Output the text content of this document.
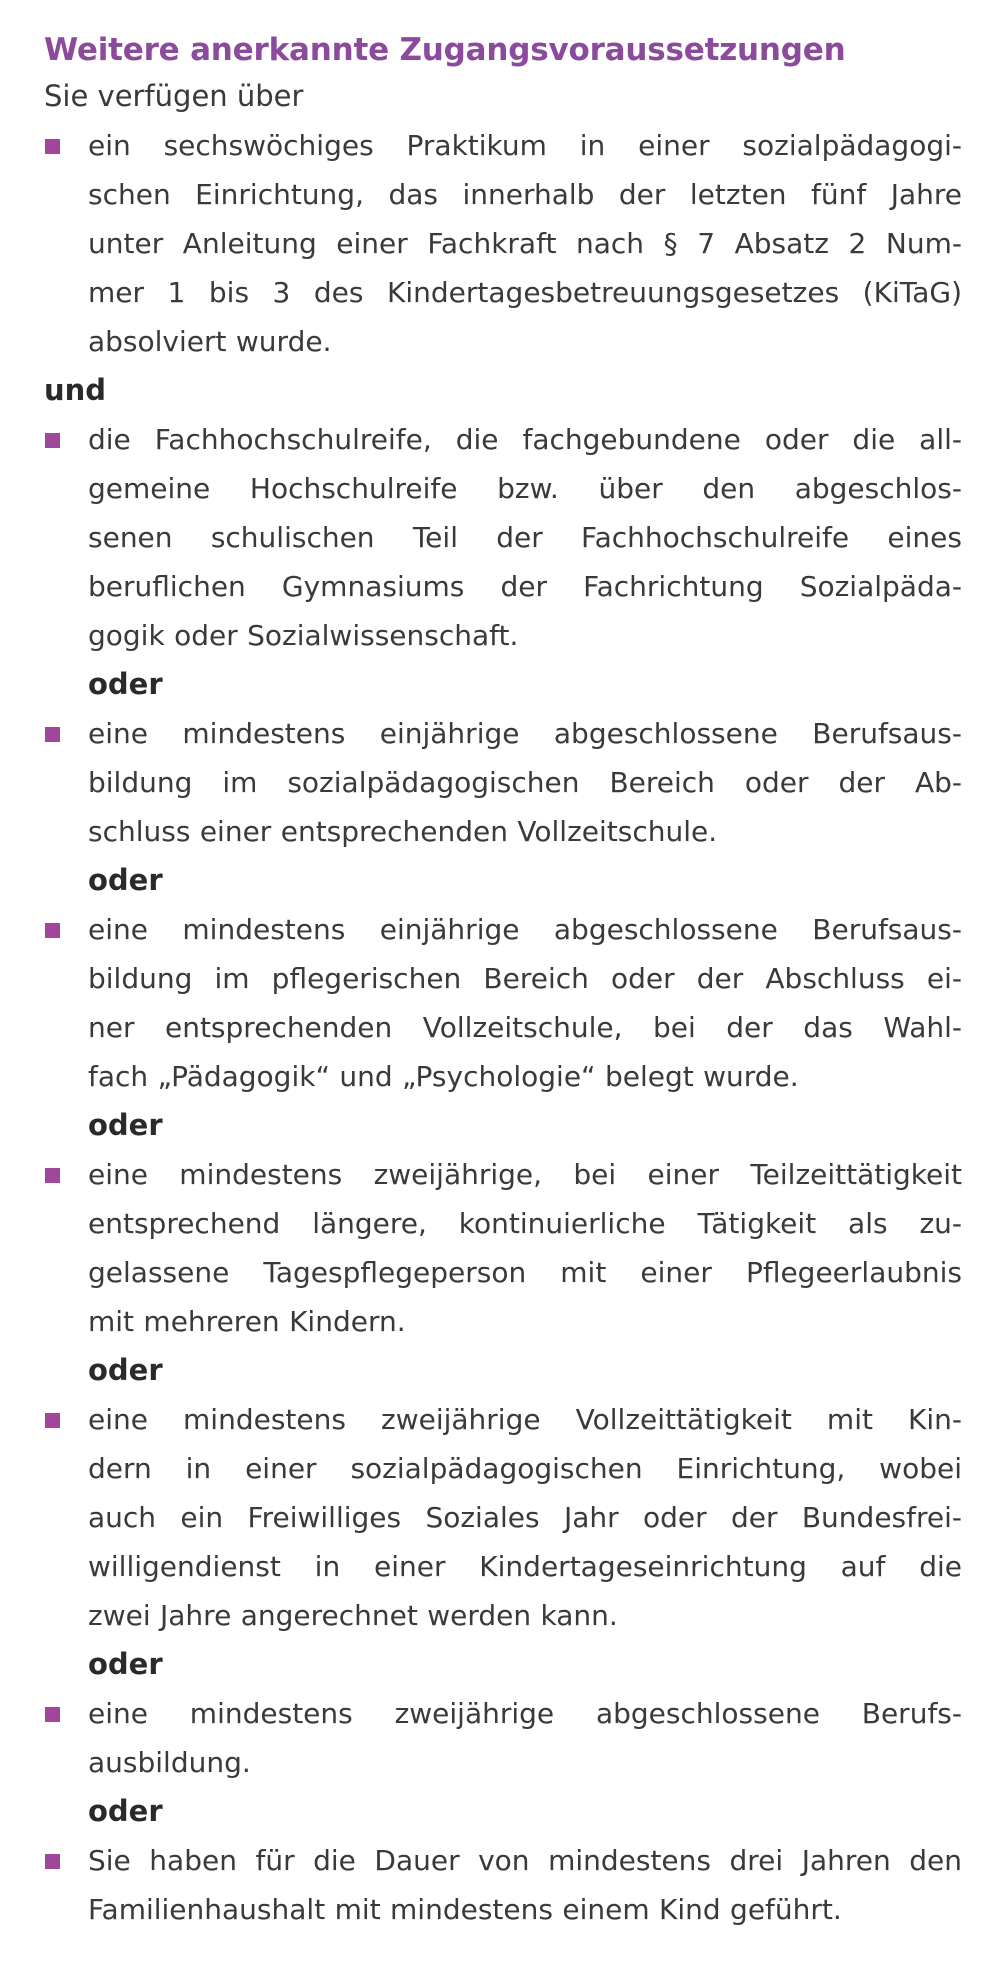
Weitere anerkannte Zugangsvoraussetzungen
Sie verfügen über
ein sechswöchiges Praktikum in einer sozialpädagogi-
schen Einrichtung, das innerhalb der letzten fünf Jahre
unter Anleitung einer Fachkraft nach § 7 Absatz 2 Num-
mer 1 bis 3 des Kindertagesbetreuungsgesetzes (KiTaG)
absolviert wurde.
und
die Fachhochschulreife, die fachgebundene oder die all-
gemeine Hochschulreife bzw. über den abgeschlos-
senen schulischen Teil der Fachhochschulreife eines
beruflichen Gymnasiums der Fachrichtung Sozialpäda-
gogik oder Sozialwissenschaft.
oder
eine mindestens einjährige abgeschlossene Berufsaus-
bildung im sozialpädagogischen Bereich oder der Ab-
schluss einer entsprechenden Vollzeitschule.
oder
eine mindestens einjährige abgeschlossene Berufsaus-
bildung im pflegerischen Bereich oder der Abschluss ei-
ner entsprechenden Vollzeitschule, bei der das Wahl-
fach „Pädagogik“ und „Psychologie“ belegt wurde.
oder
eine mindestens zweijährige, bei einer Teilzeittätigkeit
entsprechend längere, kontinuierliche Tätigkeit als zu-
gelassene Tagespflegeperson mit einer Pflegeerlaubnis
mit mehreren Kindern.
oder
eine mindestens zweijährige Vollzeittätigkeit mit Kin-
dern in einer sozialpädagogischen Einrichtung, wobei
auch ein Freiwilliges Soziales Jahr oder der Bundesfrei-
willigendienst in einer Kindertageseinrichtung auf die
zwei Jahre angerechnet werden kann.
oder
eine mindestens zweijährige abgeschlossene Berufs-
ausbildung.
oder
Sie haben für die Dauer von mindestens drei Jahren den
Familienhaushalt mit mindestens einem Kind geführt.
